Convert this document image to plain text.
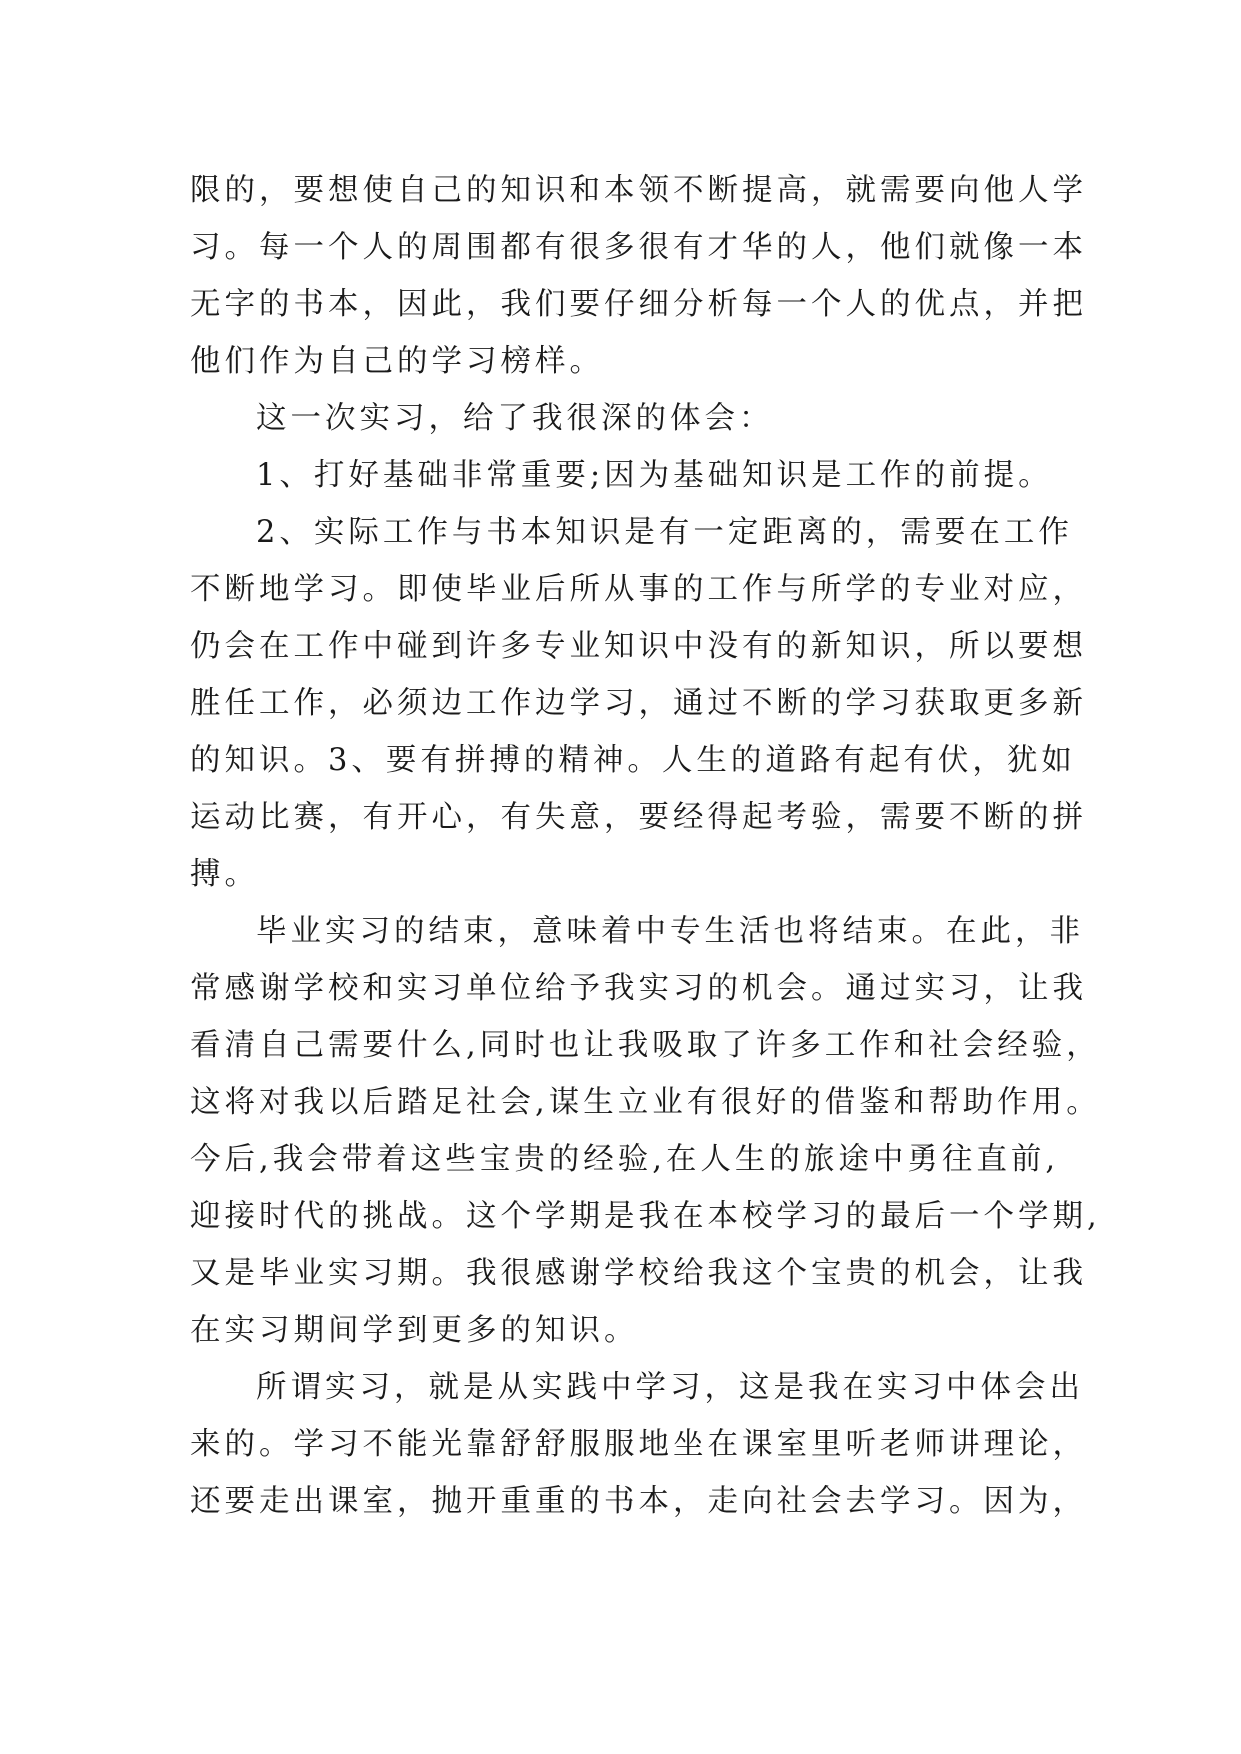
限的，要想使自己的知识和本领不断提高，就需要向他人学
习。每一个人的周围都有很多很有才华的人，他们就像一本
无字的书本，因此，我们要仔细分析每一个人的优点，并把
他们作为自己的学习榜样。
这一次实习，给了我很深的体会：
1、打好基础非常重要;因为基础知识是工作的前提。
2、实际工作与书本知识是有一定距离的，需要在工作
不断地学习。即使毕业后所从事的工作与所学的专业对应，
仍会在工作中碰到许多专业知识中没有的新知识，所以要想
胜任工作，必须边工作边学习，通过不断的学习获取更多新
的知识。3、要有拼搏的精神。人生的道路有起有伏，犹如
运动比赛，有开心，有失意，要经得起考验，需要不断的拼
搏。
毕业实习的结束，意味着中专生活也将结束。在此，非
常感谢学校和实习单位给予我实习的机会。通过实习，让我
看清自己需要什么,同时也让我吸取了许多工作和社会经验，
这将对我以后踏足社会,谋生立业有很好的借鉴和帮助作用。
今后,我会带着这些宝贵的经验,在人生的旅途中勇往直前,
迎接时代的挑战。这个学期是我在本校学习的最后一个学期,
又是毕业实习期。我很感谢学校给我这个宝贵的机会，让我
在实习期间学到更多的知识。
所谓实习，就是从实践中学习，这是我在实习中体会出
来的。学习不能光靠舒舒服服地坐在课室里听老师讲理论，
还要走出课室，抛开重重的书本，走向社会去学习。因为，
